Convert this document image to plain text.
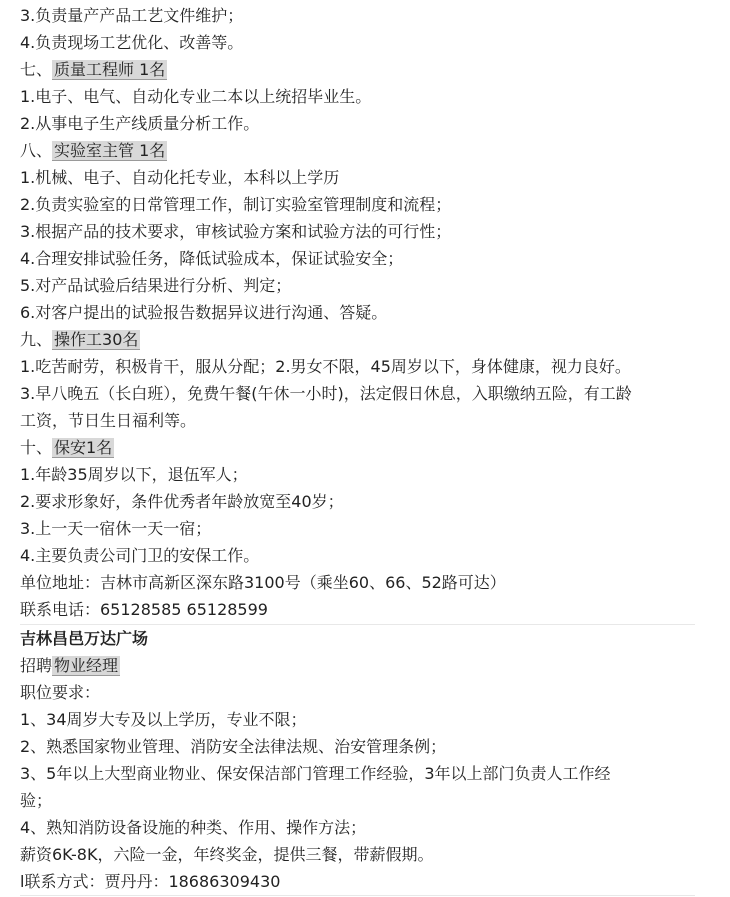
3.负责量产产品工艺文件维护；
4.负责现场工艺优化、改善等。
七、 质量工程师 1名
1.电子、电气、自动化专业二本以上统招毕业生。
2.从事电子生产线质量分析工作。
八、 实验室主管 1名
1.机械、电子、自动化托专业，本科以上学历
2.负责实验室的日常管理工作，制订实验室管理制度和流程；
3.根据产品的技术要求，审核试验方案和试验方法的可行性；
4.合理安排试验任务，降低试验成本，保证试验安全；
5.对产品试验后结果进行分析、判定；
6.对客户提出的试验报告数据异议进行沟通、答疑。
九、 操作工30名
1.吃苦耐劳，积极肯干，服从分配；2.男女不限，45周岁以下，身体健康，视力良好。
3.早八晚五（长白班），免费午餐(午休一小时)，法定假日休息，入职缴纳五险，有工龄
工资，节日生日福利等。
十、 保安1名
1.年龄35周岁以下，退伍军人；
2.要求形象好，条件优秀者年龄放宽至40岁；
3.上一天一宿休一天一宿；
4.主要负责公司门卫的安保工作。
单位地址：吉林市高新区深东路3100号（乘坐60、66、52路可达）
联系电话：65128585 65128599
吉林昌邑万达广场
招聘 物业经理
职位要求：
1、34周岁大专及以上学历，专业不限；
2、熟悉国家物业管理、消防安全法律法规、治安管理条例；
3、5年以上大型商业物业、保安保洁部门管理工作经验，3年以上部门负责人工作经
验；
4、熟知消防设备设施的种类、作用、操作方法；
薪资6K-8K，六险一金，年终奖金，提供三餐，带薪假期。
l联系方式：贾丹丹：18686309430
